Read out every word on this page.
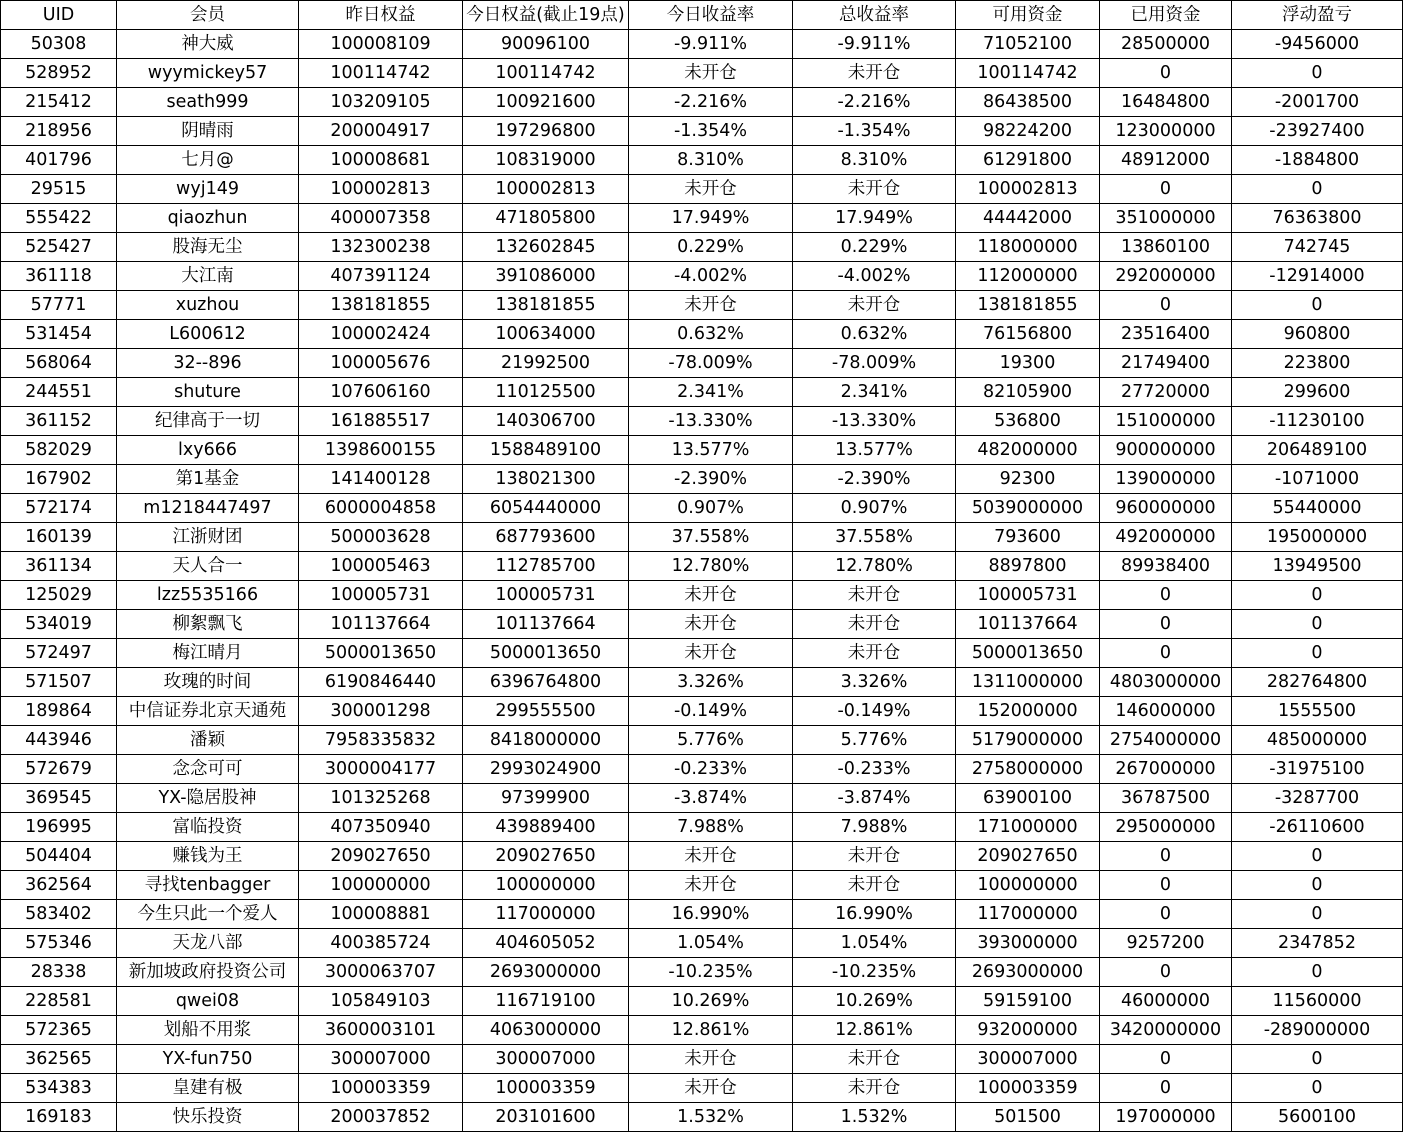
UID	会员	昨日权益	今日权益(截止19点)	今日收益率	总收益率	可用资金	已用资金	浮动盈亏
50308	神大威	100008109	90096100	-9.911%	-9.911%	71052100	28500000	-9456000
528952	wyymickey57	100114742	100114742	未开仓	未开仓	100114742	0	0
215412	seath999	103209105	100921600	-2.216%	-2.216%	86438500	16484800	-2001700
218956	阴晴雨	200004917	197296800	-1.354%	-1.354%	98224200	123000000	-23927400
401796	七月@	100008681	108319000	8.310%	8.310%	61291800	48912000	-1884800
29515	wyj149	100002813	100002813	未开仓	未开仓	100002813	0	0
555422	qiaozhun	400007358	471805800	17.949%	17.949%	44442000	351000000	76363800
525427	股海无尘	132300238	132602845	0.229%	0.229%	118000000	13860100	742745
361118	大江南	407391124	391086000	-4.002%	-4.002%	112000000	292000000	-12914000
57771	xuzhou	138181855	138181855	未开仓	未开仓	138181855	0	0
531454	L600612	100002424	100634000	0.632%	0.632%	76156800	23516400	960800
568064	32--896	100005676	21992500	-78.009%	-78.009%	19300	21749400	223800
244551	shuture	107606160	110125500	2.341%	2.341%	82105900	27720000	299600
361152	纪律高于一切	161885517	140306700	-13.330%	-13.330%	536800	151000000	-11230100
582029	lxy666	1398600155	1588489100	13.577%	13.577%	482000000	900000000	206489100
167902	第1基金	141400128	138021300	-2.390%	-2.390%	92300	139000000	-1071000
572174	m1218447497	6000004858	6054440000	0.907%	0.907%	5039000000	960000000	55440000
160139	江浙财团	500003628	687793600	37.558%	37.558%	793600	492000000	195000000
361134	天人合一	100005463	112785700	12.780%	12.780%	8897800	89938400	13949500
125029	lzz5535166	100005731	100005731	未开仓	未开仓	100005731	0	0
534019	柳絮飘飞	101137664	101137664	未开仓	未开仓	101137664	0	0
572497	梅江晴月	5000013650	5000013650	未开仓	未开仓	5000013650	0	0
571507	玫瑰的时间	6190846440	6396764800	3.326%	3.326%	1311000000	4803000000	282764800
189864	中信证券北京天通苑	300001298	299555500	-0.149%	-0.149%	152000000	146000000	1555500
443946	潘颖	7958335832	8418000000	5.776%	5.776%	5179000000	2754000000	485000000
572679	念念可可	3000004177	2993024900	-0.233%	-0.233%	2758000000	267000000	-31975100
369545	YX-隐居股神	101325268	97399900	-3.874%	-3.874%	63900100	36787500	-3287700
196995	富临投资	407350940	439889400	7.988%	7.988%	171000000	295000000	-26110600
504404	赚钱为王	209027650	209027650	未开仓	未开仓	209027650	0	0
362564	寻找tenbagger	100000000	100000000	未开仓	未开仓	100000000	0	0
583402	今生只此一个爱人	100008881	117000000	16.990%	16.990%	117000000	0	0
575346	天龙八部	400385724	404605052	1.054%	1.054%	393000000	9257200	2347852
28338	新加坡政府投资公司	3000063707	2693000000	-10.235%	-10.235%	2693000000	0	0
228581	qwei08	105849103	116719100	10.269%	10.269%	59159100	46000000	11560000
572365	划船不用浆	3600003101	4063000000	12.861%	12.861%	932000000	3420000000	-289000000
362565	YX-fun750	300007000	300007000	未开仓	未开仓	300007000	0	0
534383	皇建有极	100003359	100003359	未开仓	未开仓	100003359	0	0
169183	快乐投资	200037852	203101600	1.532%	1.532%	501500	197000000	5600100
